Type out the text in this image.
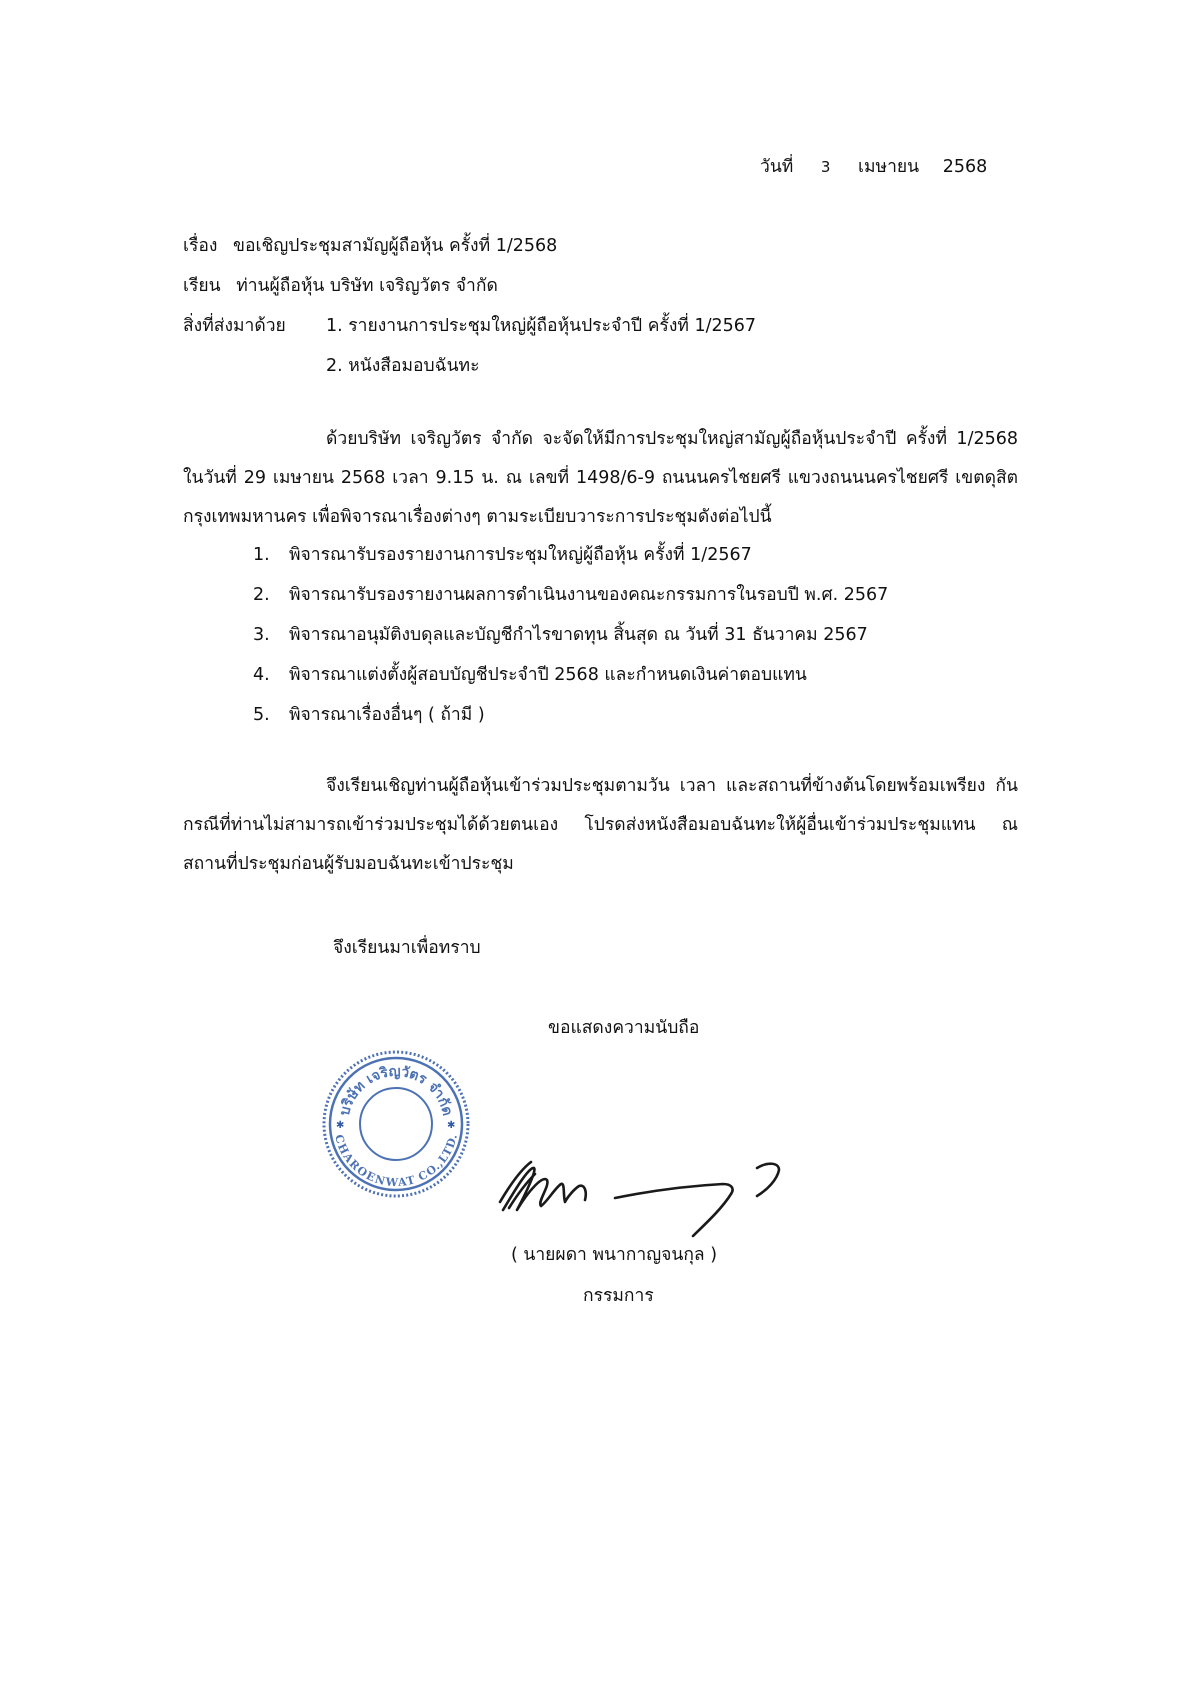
วันที่ 3 เมษายน 2568
เรื่อง ขอเชิญประชุมสามัญผู้ถือหุ้น ครั้งที่ 1/2568
เรียน ท่านผู้ถือหุ้น บริษัท เจริญวัตร จำกัด
สิ่งที่ส่งมาด้วย 1. รายงานการประชุมใหญ่ผู้ถือหุ้นประจำปี ครั้งที่ 1/2567
2. หนังสือมอบฉันทะ
ด้วยบริษัท เจริญวัตร จำกัด จะจัดให้มีการประชุมใหญ่สามัญผู้ถือหุ้นประจำปี ครั้งที่ 1/2568 ในวันที่ 29 เมษายน 2568 เวลา 9.15 น. ณ เลขที่ 1498/6-9 ถนนนครไชยศรี แขวงถนนนครไชยศรี เขตดุสิต กรุงเทพมหานคร เพื่อพิจารณาเรื่องต่างๆ ตามระเบียบวาระการประชุมดังต่อไปนี้
1. พิจารณารับรองรายงานการประชุมใหญ่ผู้ถือหุ้น ครั้งที่ 1/2567
2. พิจารณารับรองรายงานผลการดำเนินงานของคณะกรรมการในรอบปี พ.ศ. 2567
3. พิจารณาอนุมัติงบดุลและบัญชีกำไรขาดทุน สิ้นสุด ณ วันที่ 31 ธันวาคม 2567
4. พิจารณาแต่งตั้งผู้สอบบัญชีประจำปี 2568 และกำหนดเงินค่าตอบแทน
5. พิจารณาเรื่องอื่นๆ ( ถ้ามี )
จึงเรียนเชิญท่านผู้ถือหุ้นเข้าร่วมประชุมตามวัน เวลา และสถานที่ข้างต้นโดยพร้อมเพรียง กันกรณีที่ท่านไม่สามารถเข้าร่วมประชุมได้ด้วยตนเอง โปรดส่งหนังสือมอบฉันทะให้ผู้อื่นเข้าร่วมประชุมแทน ณ สถานที่ประชุมก่อนผู้รับมอบฉันทะเข้าประชุม
จึงเรียนมาเพื่อทราบ
ขอแสดงความนับถือ
บริษัท เจริญวัตร จำกัด
CHAROENWAT CO.,LTD.
✱	✱
( นายผดา พนากาญจนกุล )
กรรมการ
